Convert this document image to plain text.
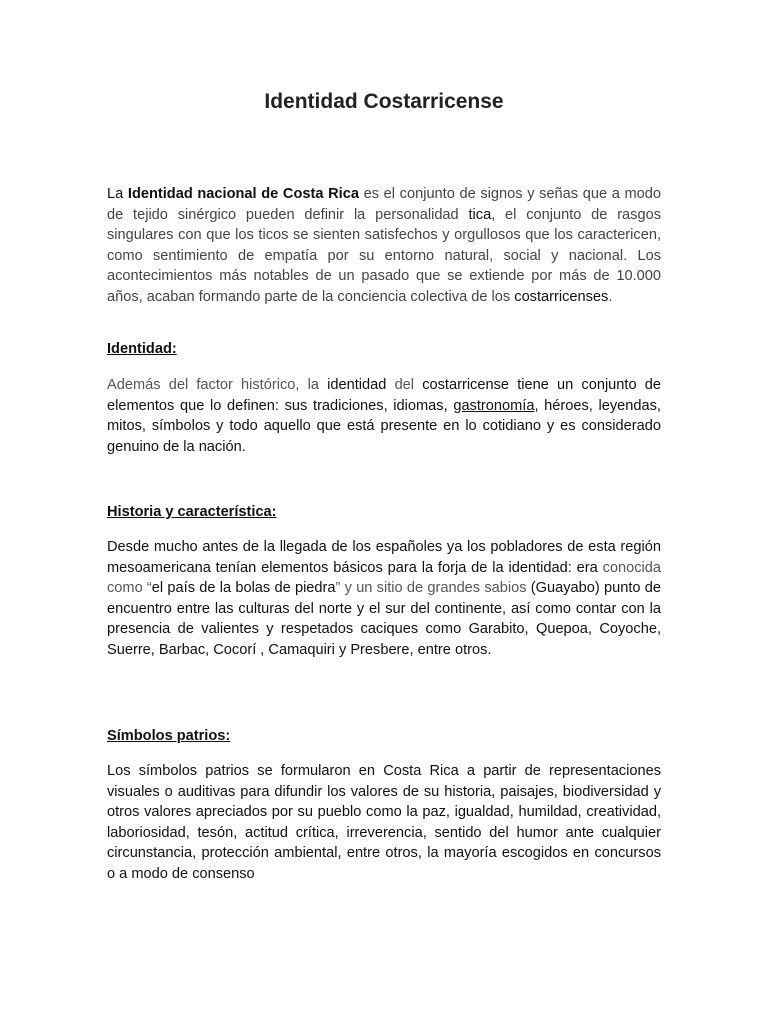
Identidad Costarricense

La Identidad nacional de Costa Rica es el conjunto de signos y señas que a modo de tejido sinérgico pueden definir la personalidad tica, el conjunto de rasgos singulares con que los ticos se sienten satisfechos y orgullosos que los caractericen, como sentimiento de empatía por su entorno natural, social y nacional. Los acontecimientos más notables de un pasado que se extiende por más de 10.000 años, acaban formando parte de la conciencia colectiva de los costarricenses.

Identidad:

Además del factor histórico, la identidad del costarricense tiene un conjunto de elementos que lo definen: sus tradiciones, idiomas, gastronomía, héroes, leyendas, mitos, símbolos y todo aquello que está presente en lo cotidiano y es considerado genuino de la nación.

Historia y característica:

Desde mucho antes de la llegada de los españoles ya los pobladores de esta región mesoamericana tenían elementos básicos para la forja de la identidad: era conocida como “el país de la bolas de piedra” y un sitio de grandes sabios (Guayabo) punto de encuentro entre las culturas del norte y el sur del continente, así como contar con la presencia de valientes y respetados caciques como Garabito, Quepoa, Coyoche, Suerre, Barbac, Cocorí , Camaquiri y Presbere, entre otros.

Símbolos patrios:

Los símbolos patrios se formularon en Costa Rica a partir de representaciones visuales o auditivas para difundir los valores de su historia, paisajes, biodiversidad y otros valores apreciados por su pueblo como la paz, igualdad, humildad, creatividad, laboriosidad, tesón, actitud crítica, irreverencia, sentido del humor ante cualquier circunstancia, protección ambiental, entre otros, la mayoría escogidos en concursos o a modo de consenso
